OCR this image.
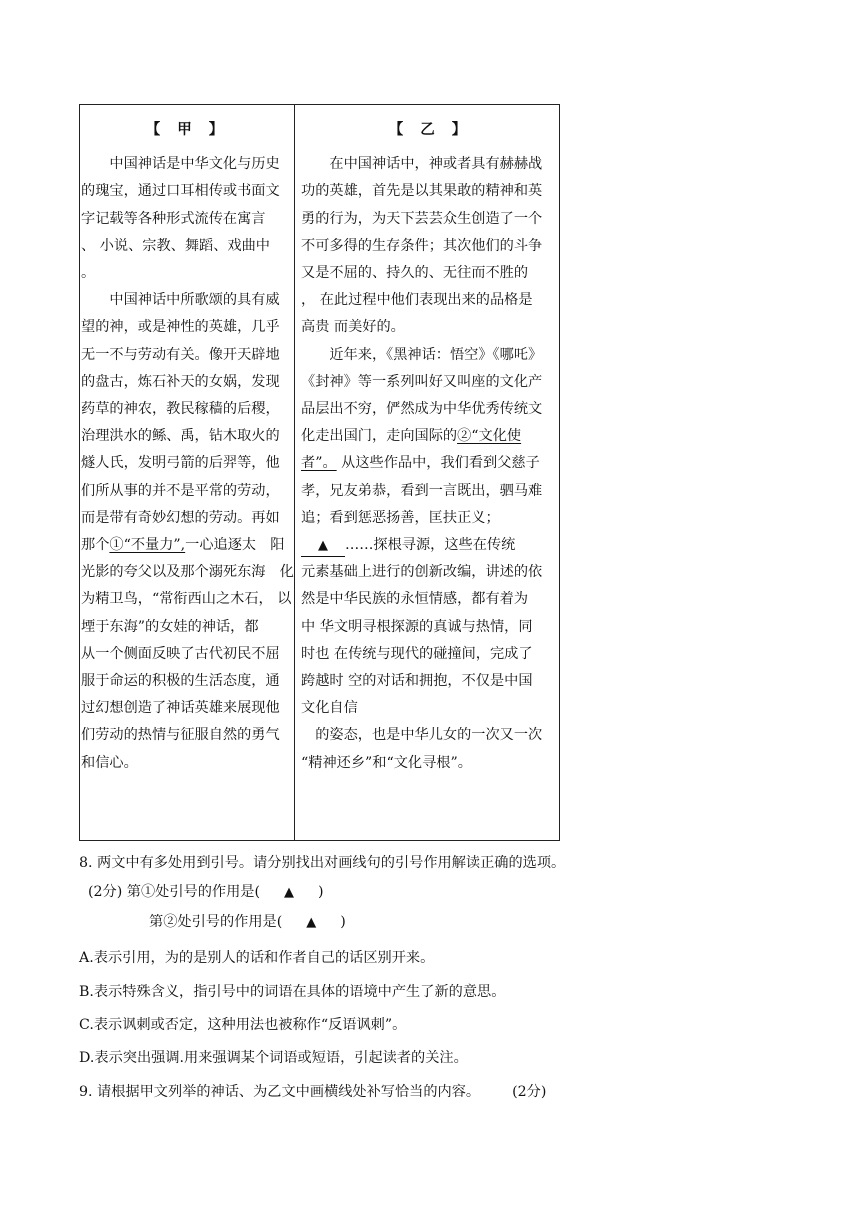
【 甲 】
　　中国神话是中华文化与历史
的瑰宝，通过口耳相传或书面文
字记载等各种形式流传在寓言
、 小说、宗教、舞蹈、戏曲中
。
　　中国神话中所歌颂的具有威
望的神，或是神性的英雄，几乎
无一不与劳动有关。像开天辟地
的盘古，炼石补天的女娲，发现
药草的神农，教民稼穑的后稷，
治理洪水的鲧、禹，钻木取火的
燧人氏，发明弓箭的后羿等，他
们所从事的并不是平常的劳动，
而是带有奇妙幻想的劳动。再如
那个①“不量力”,一心追逐太　阳
光影的夸父以及那个溺死东海　化
为精卫鸟，“常衔西山之木石， 以
堙于东海”的女娃的神话，都
从一个侧面反映了古代初民不屈
服于命运的积极的生活态度，通
过幻想创造了神话英雄来展现他
们劳动的热情与征服自然的勇气
和信心。
【 乙 】
　　在中国神话中，神或者具有赫赫战
功的英雄，首先是以其果敢的精神和英
勇的行为，为天下芸芸众生创造了一个
不可多得的生存条件；其次他们的斗争
又是不屈的、持久的、无往而不胜的
， 在此过程中他们表现出来的品格是
高贵 而美好的。
　　近年来，《黑神话：悟空》《哪吒》
《封神》等一系列叫好又叫座的文化产
品层出不穷，俨然成为中华优秀传统文
化走出国门，走向国际的②“文化使
者”。 从这些作品中，我们看到父慈子
孝，兄友弟恭，看到一言既出，驷马难
追；看到惩恶扬善，匡扶正义；
▲ ……探根寻源，这些在传统
元素基础上进行的创新改编，讲述的依
然是中华民族的永恒情感，都有着为
中 华文明寻根探源的真诚与热情，同
时也 在传统与现代的碰撞间，完成了
跨越时 空的对话和拥抱，不仅是中国
文化自信
　的姿态，也是中华儿女的一次又一次
“精神还乡”和“文化寻根”。
8. 两文中有多处用到引号。请分别找出对画线句的引号作用解读正确的选项。
(2分) 第①处引号的作用是( ▲ )
第②处引号的作用是( ▲ )
A.表示引用，为的是别人的话和作者自己的话区别开来。
B.表示特殊含义，指引号中的词语在具体的语境中产生了新的意思。
C.表示讽刺或否定，这种用法也被称作“反语讽刺”。
D.表示突出强调.用来强调某个词语或短语，引起读者的关注。
9. 请根据甲文列举的神话、为乙文中画横线处补写恰当的内容。 (2分)
